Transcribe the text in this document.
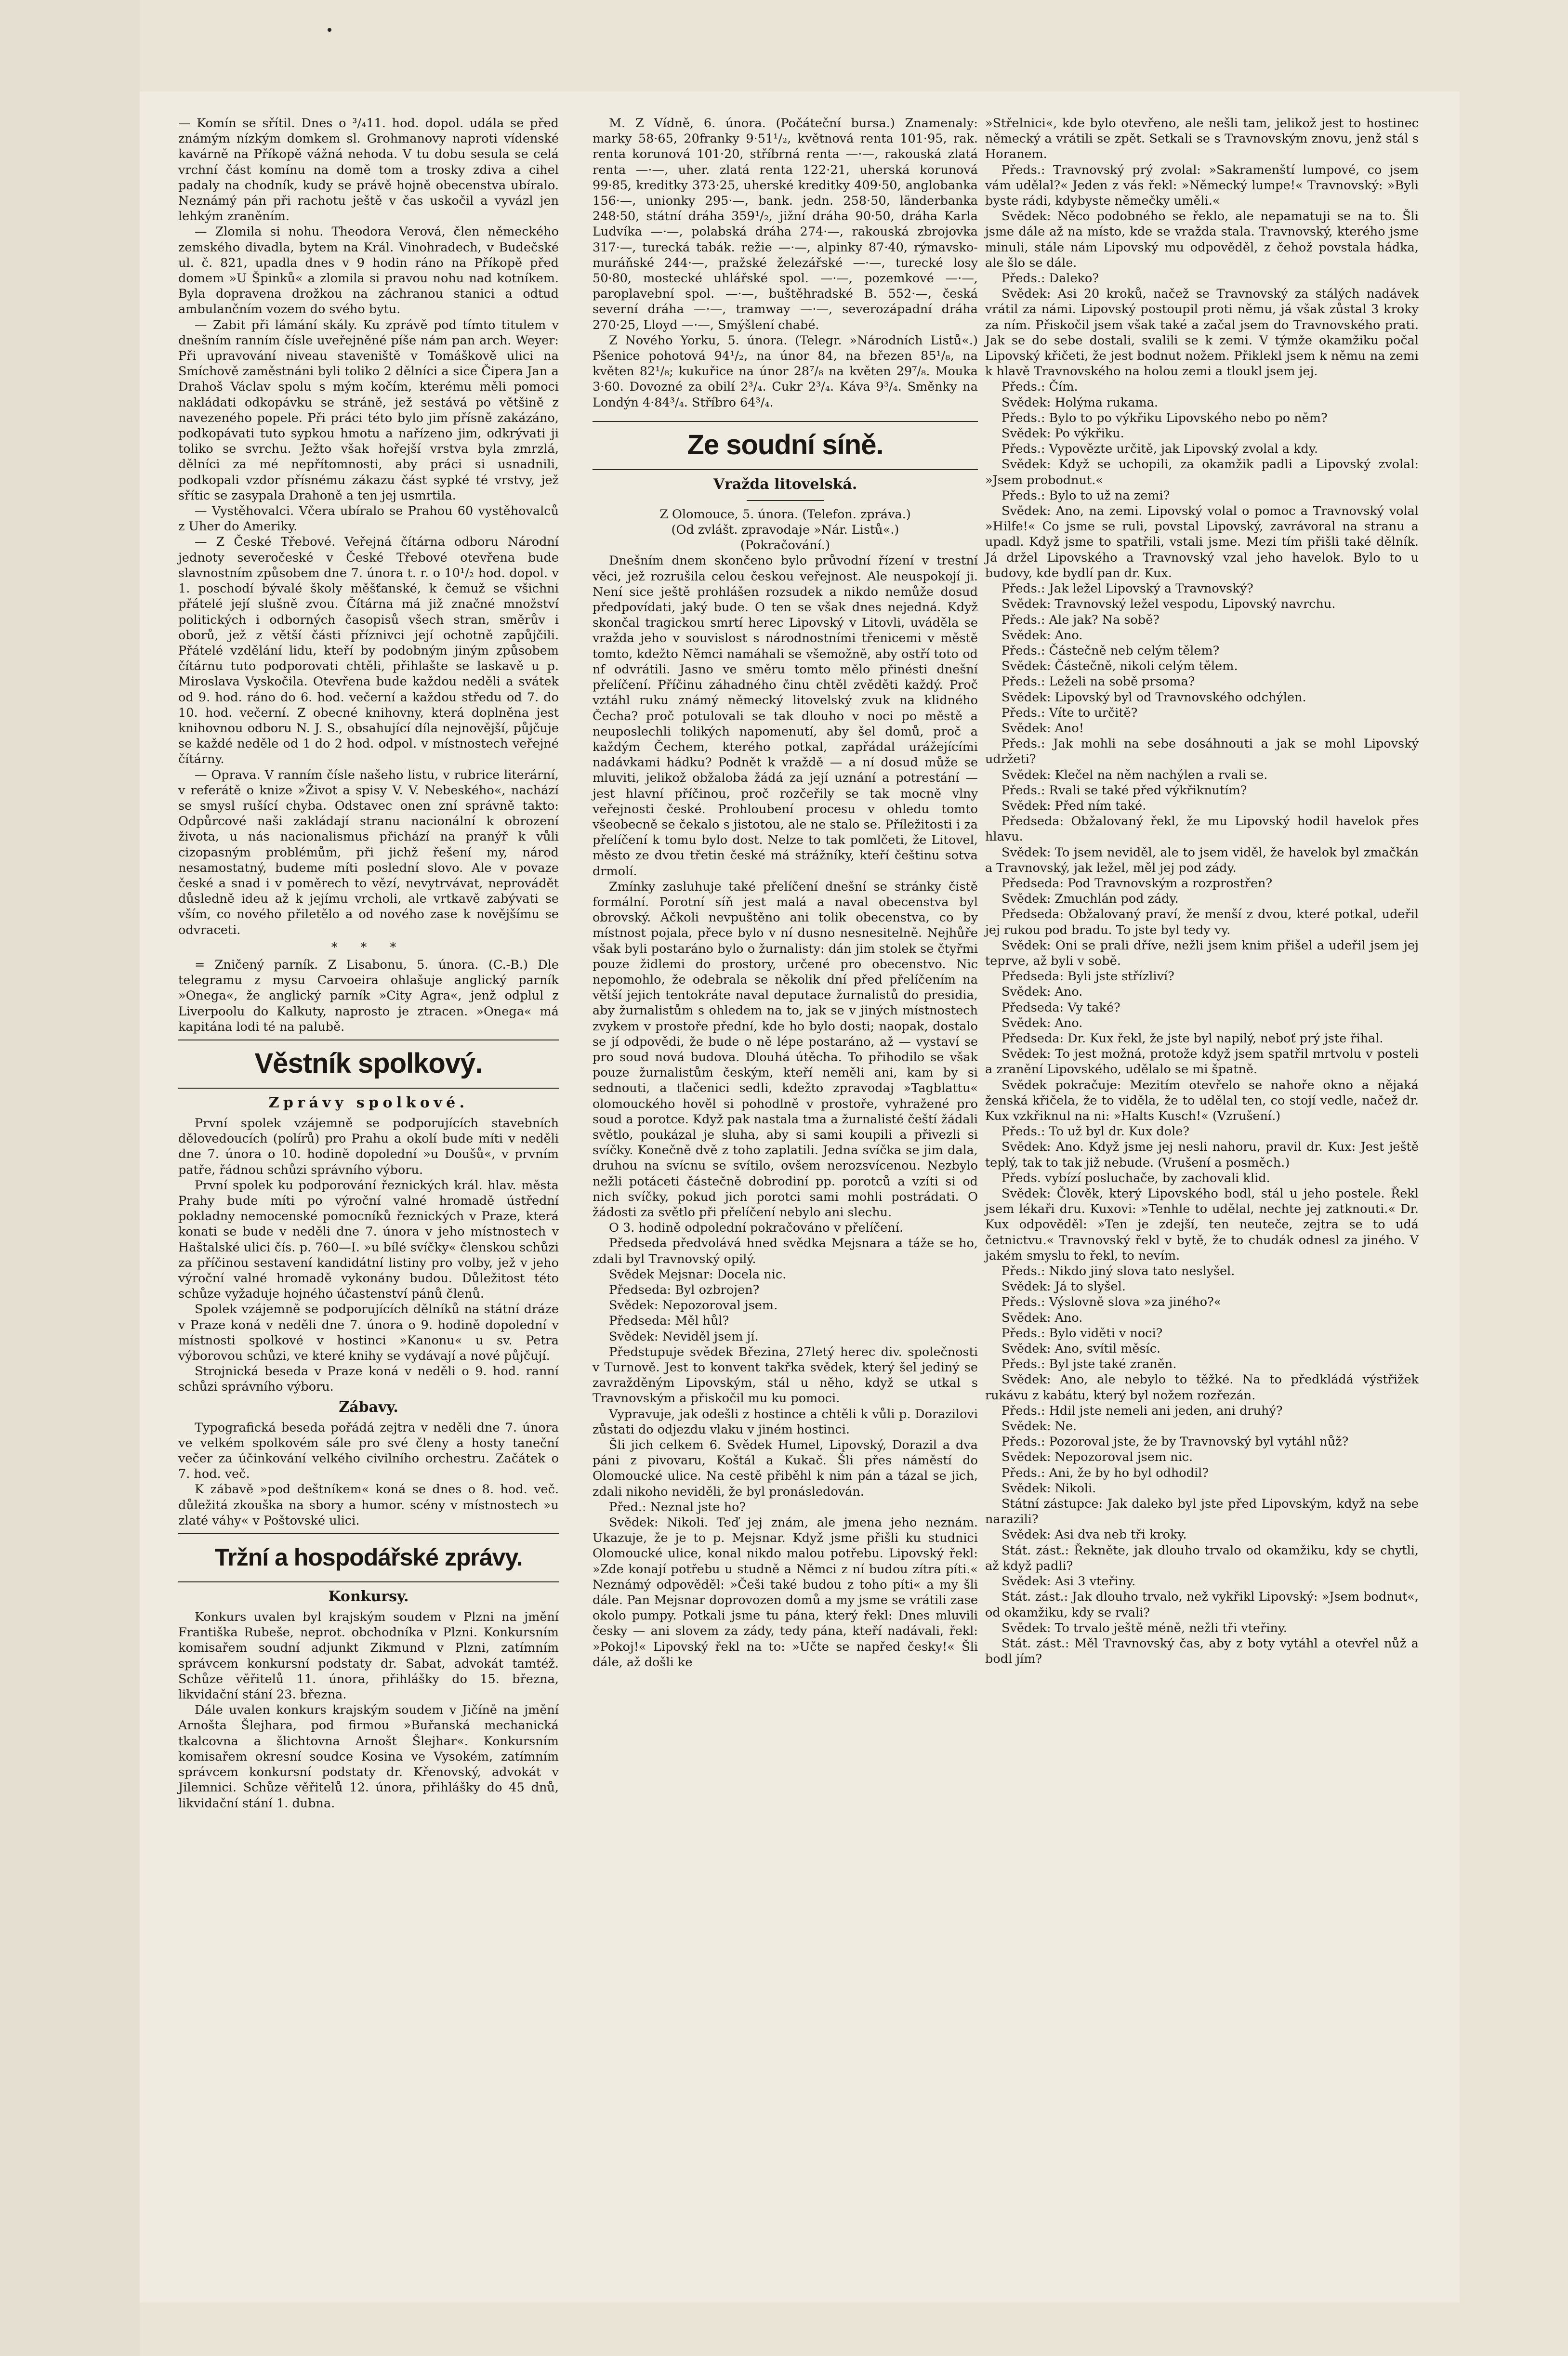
— Komín se sřítil. Dnes o ³/₄11. hod. dopol. udála se před známým nízkým domkem sl. Grohmanovy naproti vídenské kavárně na Příkopě vážná nehoda. V tu dobu sesula se celá vrchní část komínu na domě tom a trosky zdiva a cihel padaly na chodník, kudy se právě hojně obecenstva ubíralo. Neznámý pán při rachotu ještě v čas uskočil a vyvázl jen lehkým zraněním.

— Zlomila si nohu. Theodora Verová, člen německého zemského divadla, bytem na Král. Vinohradech, v Budečské ul. č. 821, upadla dnes v 9 hodin ráno na Příkopě před domem »U Špinků« a zlomila si pravou nohu nad kotníkem. Byla dopravena drožkou na záchranou stanici a odtud ambulančním vozem do svého bytu.

— Zabit při lámání skály. Ku zprávě pod tímto titulem v dnešním ranním čísle uveřejněné píše nám pan arch. Weyer: Při upravování niveau staveniště v Tomáškově ulici na Smíchově zaměstnáni byli toliko 2 dělníci a sice Čipera Jan a Drahoš Václav spolu s mým kočím, kterému měli pomoci nakládati odkopávku se stráně, jež sestává po většině z navezeného popele. Při práci této bylo jim přísně zakázáno, podkopávati tuto sypkou hmotu a nařízeno jim, odkrývati ji toliko se svrchu. Ježto však hořejší vrstva byla zmrzlá, dělníci za mé nepřítomnosti, aby práci si usnadnili, podkopali vzdor přísnému zákazu část sypké té vrstvy, jež sřític se zasypala Drahoně a ten jej usmrtila.

— Vystěhovalci. Včera ubíralo se Prahou 60 vystěhovalců z Uher do Ameriky.

— Z České Třebové. Veřejná čítárna odboru Národní jednoty severočeské v České Třebové otevřena bude slavnostním způsobem dne 7. února t. r. o 10¹/₂ hod. dopol. v 1. poschodí bývalé školy měšťanské, k čemuž se všichni přátelé její slušně zvou. Čítárna má již značné množství politických i odborných časopisů všech stran, směrův i oborů, jež z větší části příznivci její ochotně zapůjčili. Přátelé vzdělání lidu, kteří by podobným jiným způsobem čítárnu tuto podporovati chtěli, přihlašte se laskavě u p. Miroslava Vyskočila. Otevřena bude každou neděli a svátek od 9. hod. ráno do 6. hod. večerní a každou středu od 7. do 10. hod. večerní. Z obecné knihovny, která doplněna jest knihovnou odboru N. J. S., obsahující díla nejnovější, půjčuje se každé neděle od 1 do 2 hod. odpol. v místnostech veřejné čítárny.

— Oprava. V ranním čísle našeho listu, v rubrice literární, v referátě o knize »Život a spisy V. V. Nebeského«, nachází se smysl rušící chyba. Odstavec onen zní správně takto: Odpůrcové naši zakládají stranu nacionální k obrození života, u nás nacionalismus přichází na pranýř k vůli cizopasným problémům, při jichž řešení my, národ nesamostatný, budeme míti poslední slovo. Ale v povaze české a snad i v poměrech to vězí, nevytrvávat, neprovádět důsledně ideu až k jejímu vrcholi, ale vrtkavě zabývati se vším, co nového přiletělo a od nového zase k novějšímu se odvraceti.

* * *

= Zničený parník. Z Lisabonu, 5. února. (C.-B.) Dle telegramu z mysu Carvoeira ohlašuje anglický parník »Onega«, že anglický parník »City Agra«, jenž odplul z Liverpoolu do Kalkuty, naprosto je ztracen. »Onega« má kapitána lodi té na palubě.

Věstník spolkový.
Zprávy spolkové.

První spolek vzájemně se podporujících stavebních dělovedoucích (polírů) pro Prahu a okolí bude míti v neděli dne 7. února o 10. hodině dopolední »u Doušů«, v prvním patře, řádnou schůzi správního výboru.

První spolek ku podporování řeznických král. hlav. města Prahy bude míti po výroční valné hromadě ústřední pokladny nemocenské pomocníků řeznických v Praze, která konati se bude v neděli dne 7. února v jeho místnostech v Haštalské ulici čís. p. 760—I. »u bílé svíčky« členskou schůzi za příčinou sestavení kandidátní listiny pro volby, jež v jeho výroční valné hromadě vykonány budou. Důležitost této schůze vyžaduje hojného účastenství pánů členů.

Spolek vzájemně se podporujících dělníků na státní dráze v Praze koná v neděli dne 7. února o 9. hodině dopolední v místnosti spolkové v hostinci »Kanonu« u sv. Petra výborovou schůzi, ve které knihy se vydávají a nové půjčují.

Strojnická beseda v Praze koná v neděli o 9. hod. ranní schůzi správního výboru.

Zábavy.

Typografická beseda pořádá zejtra v neděli dne 7. února ve velkém spolkovém sále pro své členy a hosty taneční večer za účinkování velkého civilního orchestru. Začátek o 7. hod. več.

K zábavě »pod deštníkem« koná se dnes o 8. hod. več. důležitá zkouška na sbory a humor. scény v místnostech »u zlaté váhy« v Poštovské ulici.

Tržní a hospodářské zprávy.
Konkursy.

Konkurs uvalen byl krajským soudem v Plzni na jmění Františka Rubeše, neprot. obchodníka v Plzni. Konkursním komisařem soudní adjunkt Zikmund v Plzni, zatímním správcem konkursní podstaty dr. Sabat, advokát tamtéž. Schůze věřitelů 11. února, přihlášky do 15. března, likvidační stání 23. března.

Dále uvalen konkurs krajským soudem v Jičíně na jmění Arnošta Šlejhara, pod firmou »Buřanská mechanická tkalcovna a šlichtovna Arnošt Šlejhar«. Konkursním komisařem okresní soudce Kosina ve Vysokém, zatímním správcem konkursní podstaty dr. Křenovský, advokát v Jilemnici. Schůze věřitelů 12. února, přihlášky do 45 dnů, likvidační stání 1. dubna.

M. Z Vídně, 6. února. (Počáteční bursa.) Znamenaly: marky 58·65, 20franky 9·51¹/₂, květnová renta 101·95, rak. renta korunová 101·20, stříbrná renta —·—, rakouská zlatá renta —·—, uher. zlatá renta 122·21, uherská korunová 99·85, kreditky 373·25, uherské kreditky 409·50, anglobanka 156·—, unionky 295·—, bank. jedn. 258·50, länderbanka 248·50, státní dráha 359¹/₂, jižní dráha 90·50, dráha Karla Ludvíka —·—, polabská dráha 274·—, rakouská zbrojovka 317·—, turecká tabák. režie —·—, alpinky 87·40, rýmavsko-muráňské 244·—, pražské železářské —·—, turecké losy 50·80, mostecké uhlářské spol. —·—, pozemkové —·—, paroplavební spol. —·—, buštěhradské B. 552·—, česká severní dráha —·—, tramway —·—, severozápadní dráha 270·25, Lloyd —·—, Smýšlení chabé.

Z Nového Yorku, 5. února. (Telegr. »Národních Listů«.) Pšenice pohotová 94¹/₂, na únor 84, na březen 85¹/₈, na květen 82¹/₈; kukuřice na únor 28⁷/₈ na květen 29⁷/₈. Mouka 3·60. Dovozné za obilí 2³/₄. Cukr 2³/₄. Káva 9³/₄. Směnky na Londýn 4·84³/₄. Stříbro 64³/₄.

Ze soudní síně.
Vražda litovelská.

Z Olomouce, 5. února. (Telefon. zpráva.)

(Od zvlášt. zpravodaje »Nár. Listů«.)

(Pokračování.)

Dnešním dnem skončeno bylo průvodní řízení v trestní věci, jež rozrušila celou českou veřejnost. Ale neuspokojí ji. Není sice ještě prohlášen rozsudek a nikdo nemůže dosud předpovídati, jaký bude. O ten se však dnes nejedná. Když skončal tragickou smrtí herec Lipovský v Litovli, uváděla se vražda jeho v souvislost s národnostními třenicemi v městě tomto, kdežto Němci namáhali se všemožně, aby ostří toto od nf odvrátili. Jasno ve směru tomto mělo přinésti dnešní přelíčení. Příčinu záhadného činu chtěl zvěděti každý. Proč vztáhl ruku známý německý litovelský zvuk na klidného Čecha? proč potulovali se tak dlouho v noci po městě a neuposlechli tolikých napomenutí, aby šel domů, proč a každým Čechem, kterého potkal, zapřádal urážejícími nadávkami hádku? Podnět k vraždě — a ní dosud může se mluviti, jelikož obžaloba žádá za její uznání a potrestání — jest hlavní příčinou, proč rozčeřily se tak mocně vlny veřejnosti české. Prohloubení procesu v ohledu tomto všeobecně se čekalo s jistotou, ale ne stalo se. Příležitosti i za přelíčení k tomu bylo dost. Nelze to tak pomlčeti, že Litovel, město ze dvou třetin české má strážníky, kteří češtinu sotva drmolí.

Zmínky zasluhuje také přelíčení dnešní se stránky čistě formální. Porotní síň jest malá a naval obecenstva byl obrovský. Ačkoli nevpuštěno ani tolik obecenstva, co by místnost pojala, přece bylo v ní dusno nesnesitelně. Nejhůře však byli postaráno bylo o žurnalisty: dán jim stolek se čtyřmi pouze židlemi do prostory, určené pro obecenstvo. Nic nepomohlo, že odebrala se několik dní před přelíčením na větší jejich tentokráte naval deputace žurnalistů do presidia, aby žurnalistům s ohledem na to, jak se v jiných místnostech zvykem v prostoře přední, kde ho bylo dosti; naopak, dostalo se jí odpovědi, že bude o ně lépe postaráno, až — vystaví se pro soud nová budova. Dlouhá útěcha. To přihodilo se však pouze žurnalistům českým, kteří neměli ani, kam by si sednouti, a tlačenici sedli, kdežto zpravodaj »Tagblattu« olomouckého hověl si pohodlně v prostoře, vyhražené pro soud a porotce. Když pak nastala tma a žurnalisté čeští žádali světlo, poukázal je sluha, aby si sami koupili a přivezli si svíčky. Konečně dvě z toho zaplatili. Jedna svíčka se jim dala, druhou na svícnu se svítilo, ovšem nerozsvícenou. Nezbylo nežli potáceti částečně dobrodiní pp. porotců a vzíti si od nich svíčky, pokud jich porotci sami mohli postrádati. O žádosti za světlo při přelíčení nebylo ani slechu.

O 3. hodině odpolední pokračováno v přelíčení.

Předseda předvolává hned svědka Mejsnara a táže se ho, zdali byl Travnovský opilý.

Svědek Mejsnar: Docela nic.

Předseda: Byl ozbrojen?

Svědek: Nepozoroval jsem.

Předseda: Měl hůl?

Svědek: Neviděl jsem jí.

Předstupuje svědek Březina, 27letý herec div. společnosti v Turnově. Jest to konvent takřka svědek, který šel jediný se zavražděným Lipovským, stál u něho, když se utkal s Travnovským a přiskočil mu ku pomoci.

Vypravuje, jak odešli z hostince a chtěli k vůli p. Dorazilovi zůstati do odjezdu vlaku v jiném hostinci.

Šli jich celkem 6. Svědek Humel, Lipovský, Dorazil a dva páni z pivovaru, Koštál a Kukač. Šli přes náměstí do Olomoucké ulice. Na cestě přiběhl k nim pán a tázal se jich, zdali nikoho neviděli, že byl pronásledován.

Před.: Neznal jste ho?

Svědek: Nikoli. Teď jej znám, ale jmena jeho neznám. Ukazuje, že je to p. Mejsnar. Když jsme přišli ku studnici Olomoucké ulice, konal nikdo malou potřebu. Lipovský řekl: »Zde konají potřebu u studně a Němci z ní budou zítra píti.« Neznámý odpověděl: »Češi také budou z toho píti« a my šli dále. Pan Mejsnar doprovozen domů a my jsme se vrátili zase okolo pumpy. Potkali jsme tu pána, který řekl: Dnes mluvili česky — ani slovem za zády, tedy pána, kteří nadávali, řekl: »Pokoj!« Lipovský řekl na to: »Učte se napřed česky!« Šli dále, až došli ke

»Střelnici«, kde bylo otevřeno, ale nešli tam, jelikož jest to hostinec německý a vrátili se zpět. Setkali se s Travnovským znovu, jenž stál s Horanem.

Předs.: Travnovský prý zvolal: »Sakramenští lumpové, co jsem vám udělal?« Jeden z vás řekl: »Německý lumpe!« Travnovský: »Byli byste rádi, kdybyste němečky uměli.«

Svědek: Něco podobného se řeklo, ale nepamatuji se na to. Šli jsme dále až na místo, kde se vražda stala. Travnovský, kterého jsme minuli, stále nám Lipovský mu odpověděl, z čehož povstala hádka, ale šlo se dále.

Předs.: Daleko?

Svědek: Asi 20 kroků, načež se Travnovský za stálých nadávek vrátil za námi. Lipovský postoupil proti němu, já však zůstal 3 kroky za ním. Přiskočil jsem však také a začal jsem do Travnovského prati. Jak se do sebe dostali, svalili se k zemi. V týmže okamžiku počal Lipovský křičeti, že jest bodnut nožem. Přiklekl jsem k němu na zemi k hlavě Travnovského na holou zemi a tloukl jsem jej.

Předs.: Čím.

Svědek: Holýma rukama.

Předs.: Bylo to po výkřiku Lipovského nebo po něm?

Svědek: Po výkřiku.

Předs.: Vypovězte určitě, jak Lipovský zvolal a kdy.

Svědek: Když se uchopili, za okamžik padli a Lipovský zvolal: »Jsem probodnut.«

Předs.: Bylo to už na zemi?

Svědek: Ano, na zemi. Lipovský volal o pomoc a Travnovský volal »Hilfe!« Co jsme se ruli, povstal Lipovský, zavrávoral na stranu a upadl. Když jsme to spatřili, vstali jsme. Mezi tím přišli také dělník. Já držel Lipovského a Travnovský vzal jeho havelok. Bylo to u budovy, kde bydlí pan dr. Kux.

Předs.: Jak ležel Lipovský a Travnovský?

Svědek: Travnovský ležel vespodu, Lipovský navrchu.

Předs.: Ale jak? Na sobě?

Svědek: Ano.

Předs.: Částečně neb celým tělem?

Svědek: Částečně, nikoli celým tělem.

Předs.: Leželi na sobě prsoma?

Svědek: Lipovský byl od Travnovského odchýlen.

Předs.: Víte to určitě?

Svědek: Ano!

Předs.: Jak mohli na sebe dosáhnouti a jak se mohl Lipovský udržeti?

Svědek: Klečel na něm nachýlen a rvali se.

Předs.: Rvali se také před výkřiknutím?

Svědek: Před ním také.

Předseda: Obžalovaný řekl, že mu Lipovský hodil havelok přes hlavu.

Svědek: To jsem neviděl, ale to jsem viděl, že havelok byl zmačkán a Travnovský, jak ležel, měl jej pod zády.

Předseda: Pod Travnovským a rozprostřen?

Svědek: Zmuchlán pod zády.

Předseda: Obžalovaný praví, že menší z dvou, které potkal, udeřil jej rukou pod bradu. To jste byl tedy vy.

Svědek: Oni se prali dříve, nežli jsem knim přišel a udeřil jsem jej teprve, až byli v sobě.

Předseda: Byli jste střízliví?

Svědek: Ano.

Předseda: Vy také?

Svědek: Ano.

Předseda: Dr. Kux řekl, že jste byl napilý, neboť prý jste řihal.

Svědek: To jest možná, protože když jsem spatřil mrtvolu v posteli a zranění Lipovského, udělalo se mi špatně.

Svědek pokračuje: Mezitím otevřelo se nahoře okno a nějaká ženská křičela, že to viděla, že to udělal ten, co stojí vedle, načež dr. Kux vzkřiknul na ni: »Halts Kusch!« (Vzrušení.)

Předs.: To už byl dr. Kux dole?

Svědek: Ano. Když jsme jej nesli nahoru, pravil dr. Kux: Jest ještě teplý, tak to tak již nebude. (Vrušení a posměch.)

Předs. vybízí posluchače, by zachovali klid.

Svědek: Člověk, který Lipovského bodl, stál u jeho postele. Řekl jsem lékaři dru. Kuxovi: »Tenhle to udělal, nechte jej zatknouti.« Dr. Kux odpověděl: »Ten je zdejší, ten neuteče, zejtra se to udá četnictvu.« Travnovský řekl v bytě, že to chudák odnesl za jiného. V jakém smyslu to řekl, to nevím.

Předs.: Nikdo jiný slova tato neslyšel.

Svědek: Já to slyšel.

Předs.: Výslovně slova »za jiného?«

Svědek: Ano.

Předs.: Bylo viděti v noci?

Svědek: Ano, svítil měsíc.

Předs.: Byl jste také zraněn.

Svědek: Ano, ale nebylo to těžké. Na to předkládá výstřižek rukávu z kabátu, který byl nožem rozřezán.

Předs.: Hdil jste nemeli ani jeden, ani druhý?

Svědek: Ne.

Předs.: Pozoroval jste, že by Travnovský byl vytáhl nůž?

Svědek: Nepozoroval jsem nic.

Předs.: Ani, že by ho byl odhodil?

Svědek: Nikoli.

Státní zástupce: Jak daleko byl jste před Lipovským, když na sebe narazili?

Svědek: Asi dva neb tři kroky.

Stát. zást.: Řekněte, jak dlouho trvalo od okamžiku, kdy se chytli, až když padli?

Svědek: Asi 3 vteřiny.

Stát. zást.: Jak dlouho trvalo, než vykřikl Lipovský: »Jsem bodnut«, od okamžiku, kdy se rvali?

Svědek: To trvalo ještě méně, nežli tři vteřiny.

Stát. zást.: Měl Travnovský čas, aby z boty vytáhl a otevřel nůž a bodl jím?
